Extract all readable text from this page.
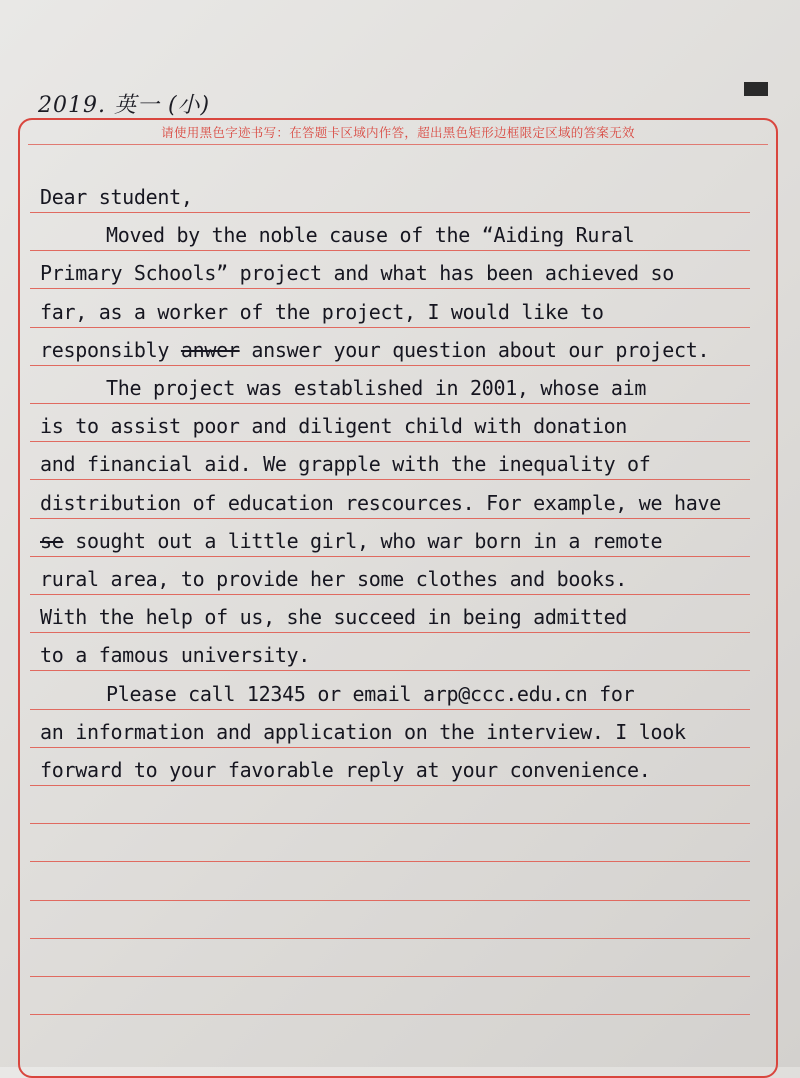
2019. 英一 (小)
请使用黑色字迹书写：在答题卡区域内作答，超出黑色矩形边框限定区域的答案无效
Dear student,
Moved by the noble cause of the “Aiding Rural
Primary Schools” project and what has been achieved so
far, as a worker of the project, I would like to
responsibly anwer answer your question about our project.
The project was established in 2001, whose aim
is to assist poor and diligent child with donation
and financial aid. We grapple with the inequality of
distribution of education rescources. For example, we have
se sought out a little girl, who war born in a remote
rural area, to provide her some clothes and books.
With the help of us, she succeed in being admitted
to a famous university.
Please call 12345 or email arp@ccc.edu.cn for
an information and application on the interview. I look
forward to your favorable reply at your convenience.
